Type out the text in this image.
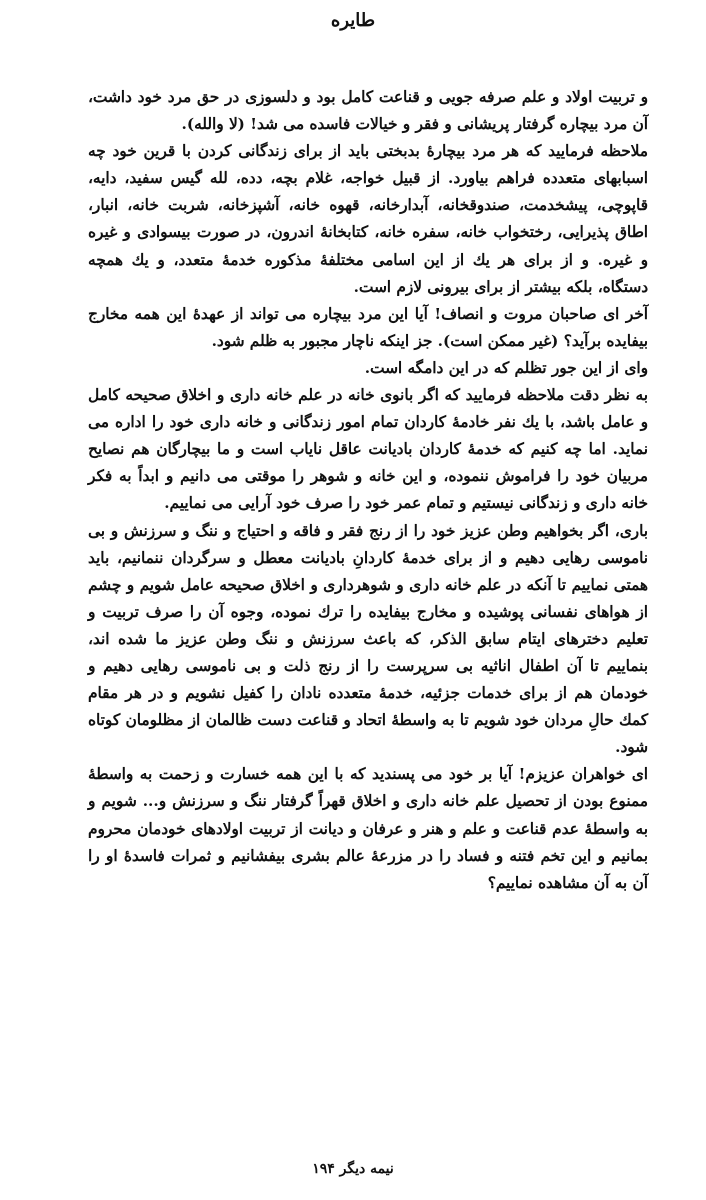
طایره

و تربیت اولاد و علم صرفه جویی و قناعت کامل بود و دلسوزی در حق مرد خود داشت، آن مرد بیچاره گرفتار پریشانی و فقر و خیالات فاسده می شد! (لا والله).

ملاحظه فرمایید که هر مرد بیچارهٔ بدبختی باید از برای زندگانی کردن با قرین خود چه اسبابهای متعدده فراهم بیاورد. از قبیل خواجه، غلام بچه، دده، لله گیس سفید، دایه، قاپوچی، پیشخدمت، صندوقخانه، آبدارخانه، قهوه خانه، آشپزخانه، شربت خانه، انبار، اطاق پذیرایی، رختخواب خانه، سفره خانه، کتابخانهٔ اندرون، در صورت بیسوادی و غیره و غیره. و از برای هر یك از این اسامی مختلفهٔ مذکوره خدمهٔ متعدد، و یك همچه دستگاه، بلکه بیشتر از برای بیرونی لازم است.

آخر ای صاحبان مروت و انصاف! آیا این مرد بیچاره می تواند از عهدهٔ این همه مخارج بیفایده برآید؟ (غیر ممکن است). جز اینکه ناچار مجبور به ظلم شود.

وای از این جور تظلم که در این دامگه است.

به نظر دقت ملاحظه فرمایید که اگر بانوی خانه در علم خانه داری و اخلاق صحیحه کامل و عامل باشد، با یك نفر خادمهٔ کاردان تمام امور زندگانی و خانه داری خود را اداره می نماید. اما چه کنیم که خدمهٔ کاردان بادیانت عاقل نایاب است و ما بیچارگان هم نصایح مربیان خود را فراموش ننموده، و این خانه و شوهر را موقتی می دانیم و ابداً به فکر خانه داری و زندگانی نیستیم و تمام عمر خود را صرف خود آرایی می نماییم.

باری، اگر بخواهیم وطن عزیز خود را از رنج فقر و فاقه و احتیاج و ننگ و سرزنش و بی ناموسی رهایی دهیم و از برای خدمهٔ کاردانِ بادیانت معطل و سرگردان ننمانیم، باید همتی نماییم تا آنکه در علم خانه داری و شوهرداری و اخلاق صحیحه عامل شویم و چشم از هواهای نفسانی پوشیده و مخارج بیفایده را ترك نموده، وجوه آن را صرف تربیت و تعلیم دخترهای ایتام سابق الذکر، که باعث سرزنش و ننگ وطن عزیز ما شده اند، بنماییم تا آن اطفال اناثیه بی سرپرست را از رنج ذلت و بی ناموسی رهایی دهیم و خودمان هم از برای خدمات جزئیه، خدمهٔ متعدده نادان را کفیل نشویم و در هر مقام کمك حالِ مردان خود شویم تا به واسطهٔ اتحاد و قناعت دست ظالمان از مظلومان کوتاه شود.

ای خواهران عزیزم! آیا بر خود می پسندید که با این همه خسارت و زحمت به واسطهٔ ممنوع بودن از تحصیل علم خانه داری و اخلاق قهراً گرفتار ننگ و سرزنش و... شویم و به واسطهٔ عدم قناعت و علم و هنر و عرفان و دیانت از تربیت اولادهای خودمان محروم بمانیم و این تخم فتنه و فساد را در مزرعهٔ عالم بشری بیفشانیم و ثمرات فاسدهٔ او را آن به آن مشاهده نماییم؟

نیمه دیگر ۱۹۴
